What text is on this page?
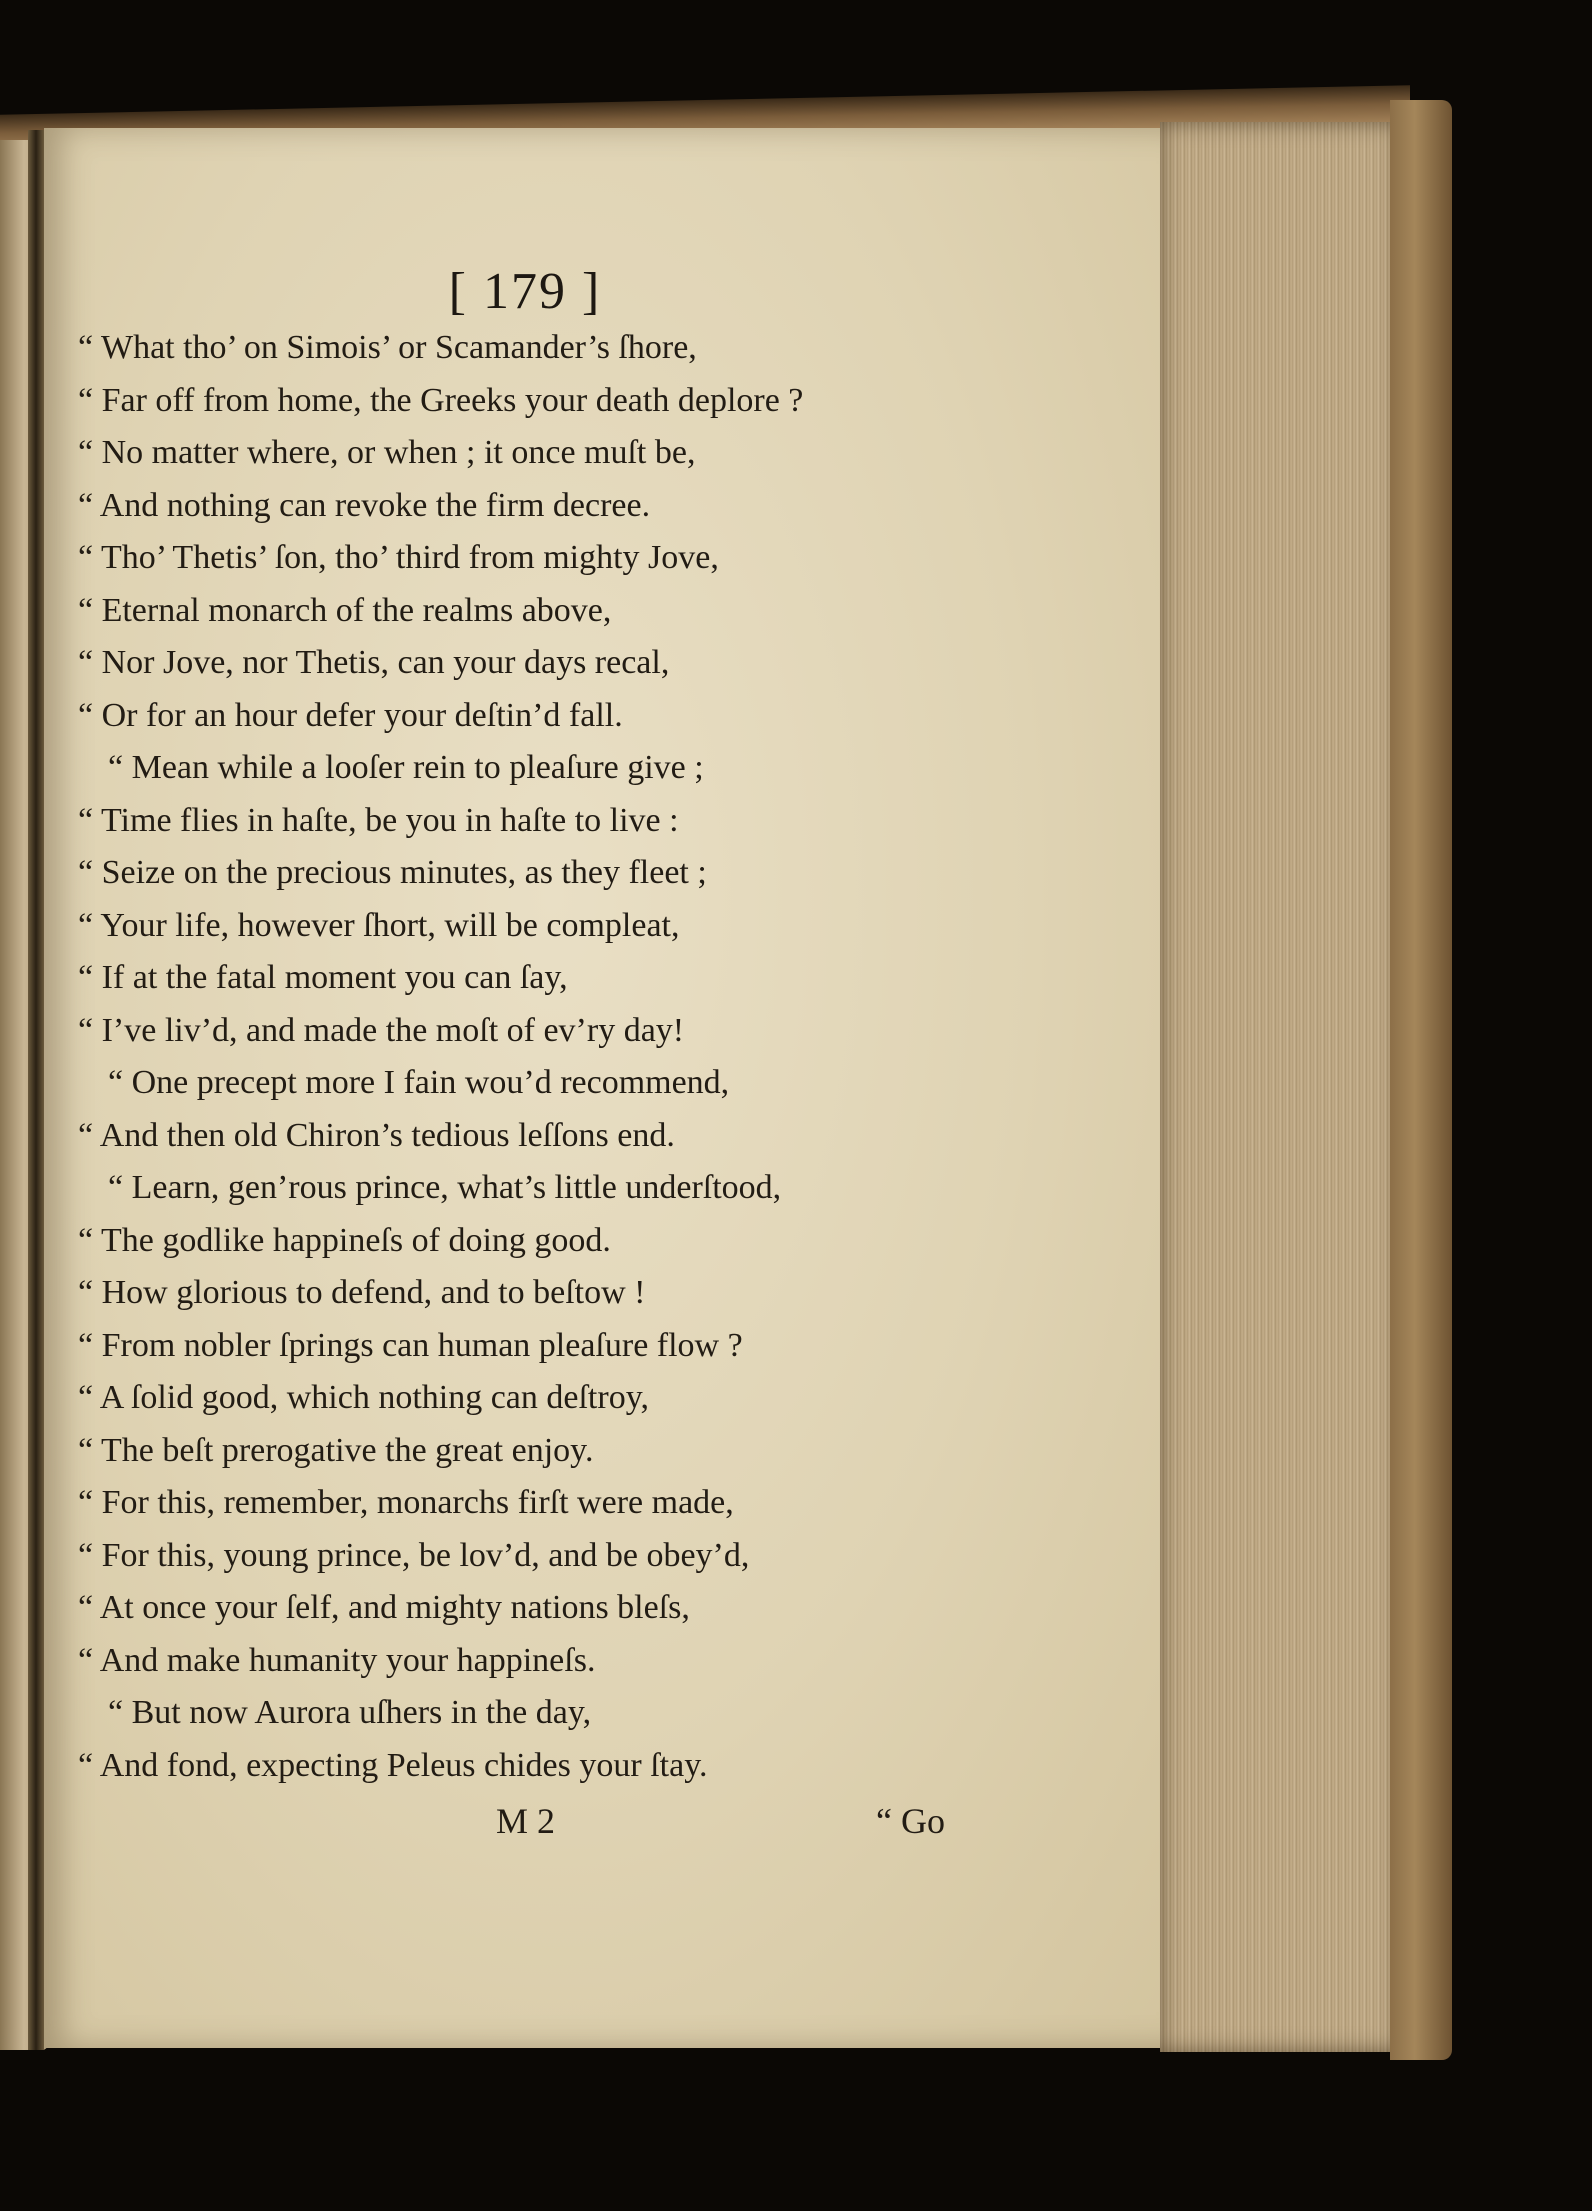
[ 179 ]
“ What tho’ on Simois’ or Scamander’s ſhore,
“ Far off from home, the Greeks your death deplore ?
“ No matter where, or when ; it once muſt be,
“ And nothing can revoke the firm decree.
“ Tho’ Thetis’ ſon, tho’ third from mighty Jove,
“ Eternal monarch of the realms above,
“ Nor Jove, nor Thetis, can your days recal,
“ Or for an hour defer your deſtin’d fall.
“ Mean while a looſer rein to pleaſure give ;
“ Time flies in haſte, be you in haſte to live :
“ Seize on the precious minutes, as they fleet ;
“ Your life, however ſhort, will be compleat,
“ If at the fatal moment you can ſay,
“ I’ve liv’d, and made the moſt of ev’ry day!
“ One precept more I fain wou’d recommend,
“ And then old Chiron’s tedious leſſons end.
“ Learn, gen’rous prince, what’s little underſtood,
“ The godlike happineſs of doing good.
“ How glorious to defend, and to beſtow !
“ From nobler ſprings can human pleaſure flow ?
“ A ſolid good, which nothing can deſtroy,
“ The beſt prerogative the great enjoy.
“ For this, remember, monarchs firſt were made,
“ For this, young prince, be lov’d, and be obey’d,
“ At once your ſelf, and mighty nations bleſs,
“ And make humanity your happineſs.
“ But now Aurora uſhers in the day,
“ And fond, expecting Peleus chides your ſtay.
M 2	“ Go
